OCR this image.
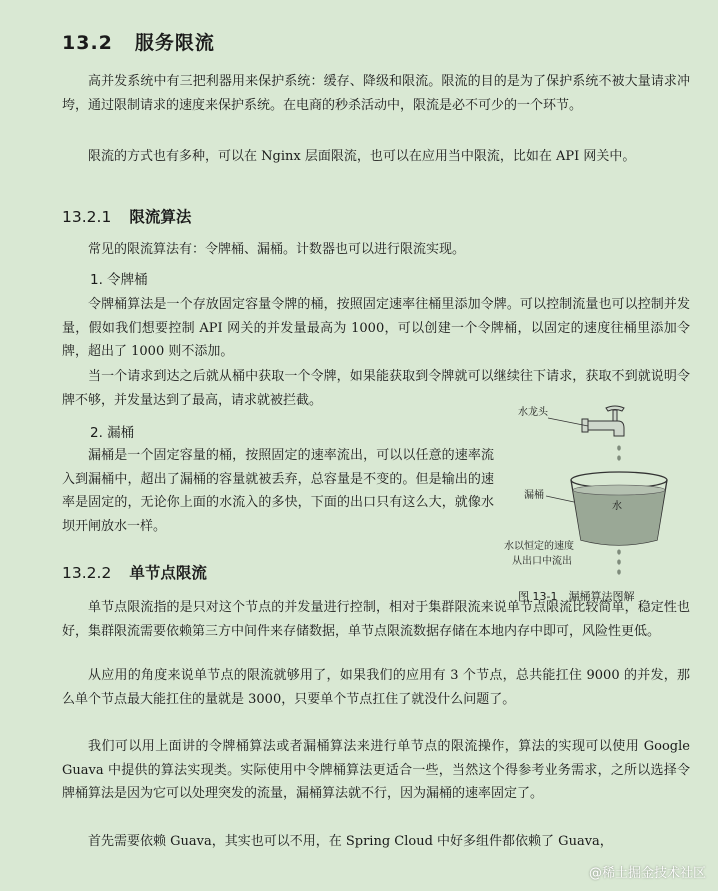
13.2 服务限流

高并发系统中有三把利器用来保护系统：缓存、降级和限流。限流的目的是为了保护系统不被大量请求冲垮，通过限制请求的速度来保护系统。在电商的秒杀活动中，限流是必不可少的一个环节。

限流的方式也有多种，可以在 Nginx 层面限流，也可以在应用当中限流，比如在 API 网关中。

13.2.1 限流算法

常见的限流算法有：令牌桶、漏桶。计数器也可以进行限流实现。

1. 令牌桶

令牌桶算法是一个存放固定容量令牌的桶，按照固定速率往桶里添加令牌。可以控制流量也可以控制并发量，假如我们想要控制 API 网关的并发量最高为 1000，可以创建一个令牌桶，以固定的速度往桶里添加令牌，超出了 1000 则不添加。

当一个请求到达之后就从桶中获取一个令牌，如果能获取到令牌就可以继续往下请求，获取不到就说明令牌不够，并发量达到了最高，请求就被拦截。

2. 漏桶

漏桶是一个固定容量的桶，按照固定的速率流出，可以以任意的速率流入到漏桶中，超出了漏桶的容量就被丢弃，总容量是不变的。但是输出的速率是固定的，无论你上面的水流入的多快，下面的出口只有这么大，就像水坝开闸放水一样。

水龙头
漏桶
水
水以恒定的速度
从出口中流出
图 13-1　漏桶算法图解
13.2.2 单节点限流

单节点限流指的是只对这个节点的并发量进行控制，相对于集群限流来说单节点限流比较简单，稳定性也好，集群限流需要依赖第三方中间件来存储数据，单节点限流数据存储在本地内存中即可，风险性更低。

从应用的角度来说单节点的限流就够用了，如果我们的应用有 3 个节点，总共能扛住 9000 的并发，那么单个节点最大能扛住的量就是 3000，只要单个节点扛住了就没什么问题了。

我们可以用上面讲的令牌桶算法或者漏桶算法来进行单节点的限流操作，算法的实现可以使用 Google Guava 中提供的算法实现类。实际使用中令牌桶算法更适合一些，当然这个得参考业务需求，之所以选择令牌桶算法是因为它可以处理突发的流量，漏桶算法就不行，因为漏桶的速率固定了。

首先需要依赖 Guava，其实也可以不用，在 Spring Cloud 中好多组件都依赖了 Guava，

@稀土掘金技术社区
